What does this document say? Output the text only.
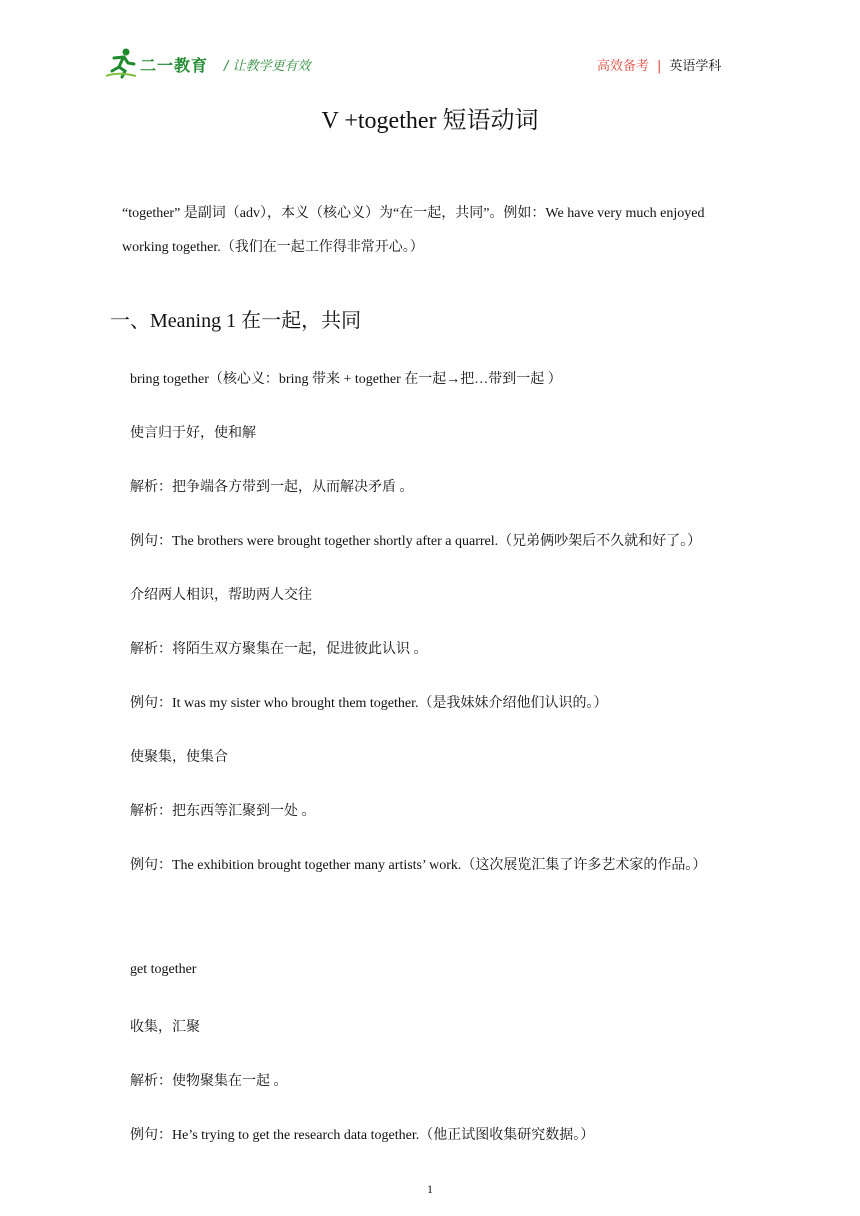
二一教育 / 让教学更有效	高效备考 | 英语学科
V +together 短语动词
“together” 是副词（adv），本义（核心义）为“在一起，共同”。例如：We have very much enjoyed
working together.（我们在一起工作得非常开心。）
一、Meaning 1 在一起，共同
bring together（核心义：bring 带来 + together 在一起→把…带到一起 ）
使言归于好，使和解
解析：把争端各方带到一起，从而解决矛盾 。
例句：The brothers were brought together shortly after a quarrel.（兄弟俩吵架后不久就和好了。）
介绍两人相识，帮助两人交往
解析：将陌生双方聚集在一起，促进彼此认识 。
例句：It was my sister who brought them together.（是我妹妹介绍他们认识的。）
使聚集，使集合
解析：把东西等汇聚到一处 。
例句：The exhibition brought together many artists’ work.（这次展览汇集了许多艺术家的作品。）
get together
收集，汇聚
解析：使物聚集在一起 。
例句：He’s trying to get the research data together.（他正试图收集研究数据。）
1
